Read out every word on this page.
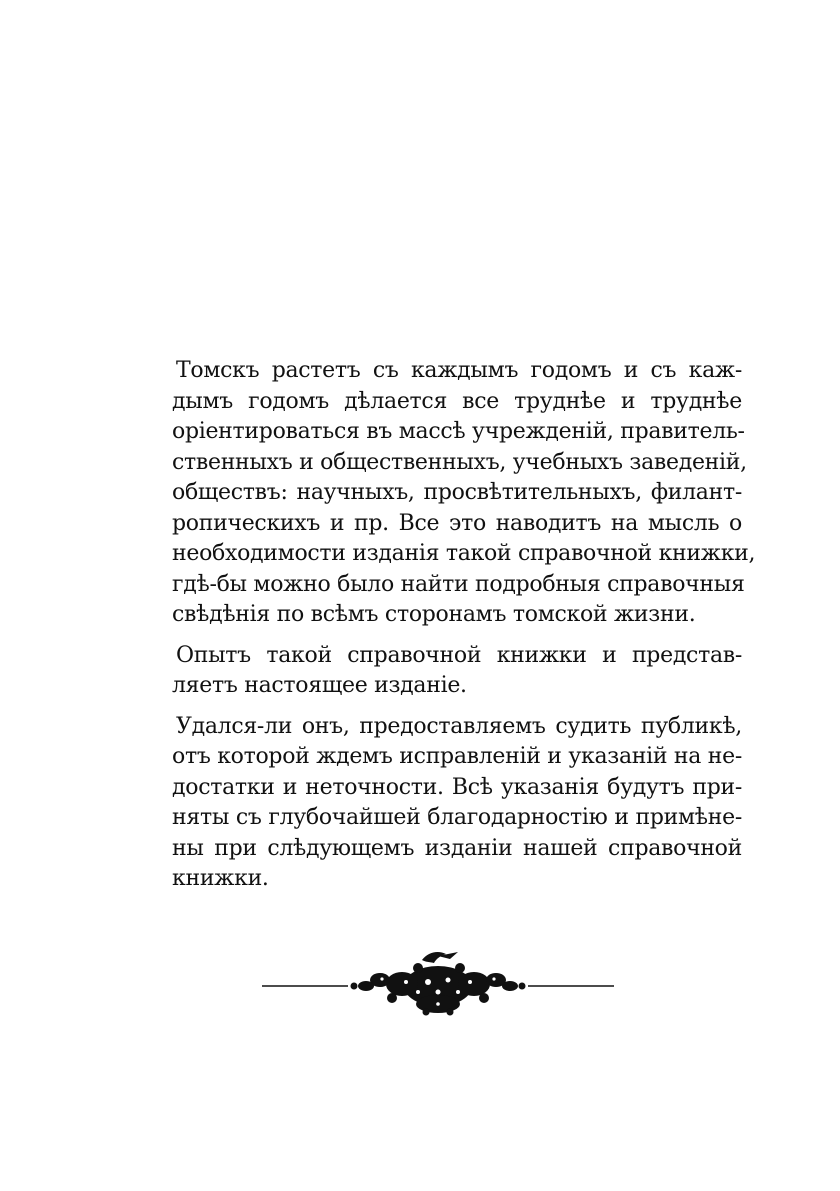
Томскъ растетъ съ каждымъ годомъ и съ каж-
дымъ годомъ дѣлается все труднѣе и труднѣе
оріентироваться въ массѣ учрежденій, правитель-
ственныхъ и общественныхъ, учебныхъ заведеній,
обществъ: научныхъ, просвѣтительныхъ, филант-
ропическихъ и пр. Все это наводитъ на мысль о
необходимости изданія такой справочной книжки,
гдѣ-бы можно было найти подробныя справочныя
свѣдѣнія по всѣмъ сторонамъ томской жизни.

Опытъ такой справочной книжки и представ-
ляетъ настоящее изданіе.

Удался-ли онъ, предоставляемъ судить публикѣ,
отъ которой ждемъ исправленій и указаній на не-
достатки и неточности. Всѣ указанія будутъ при-
няты съ глубочайшей благодарностію и примѣне-
ны при слѣдующемъ изданіи нашей справочной
книжки.
